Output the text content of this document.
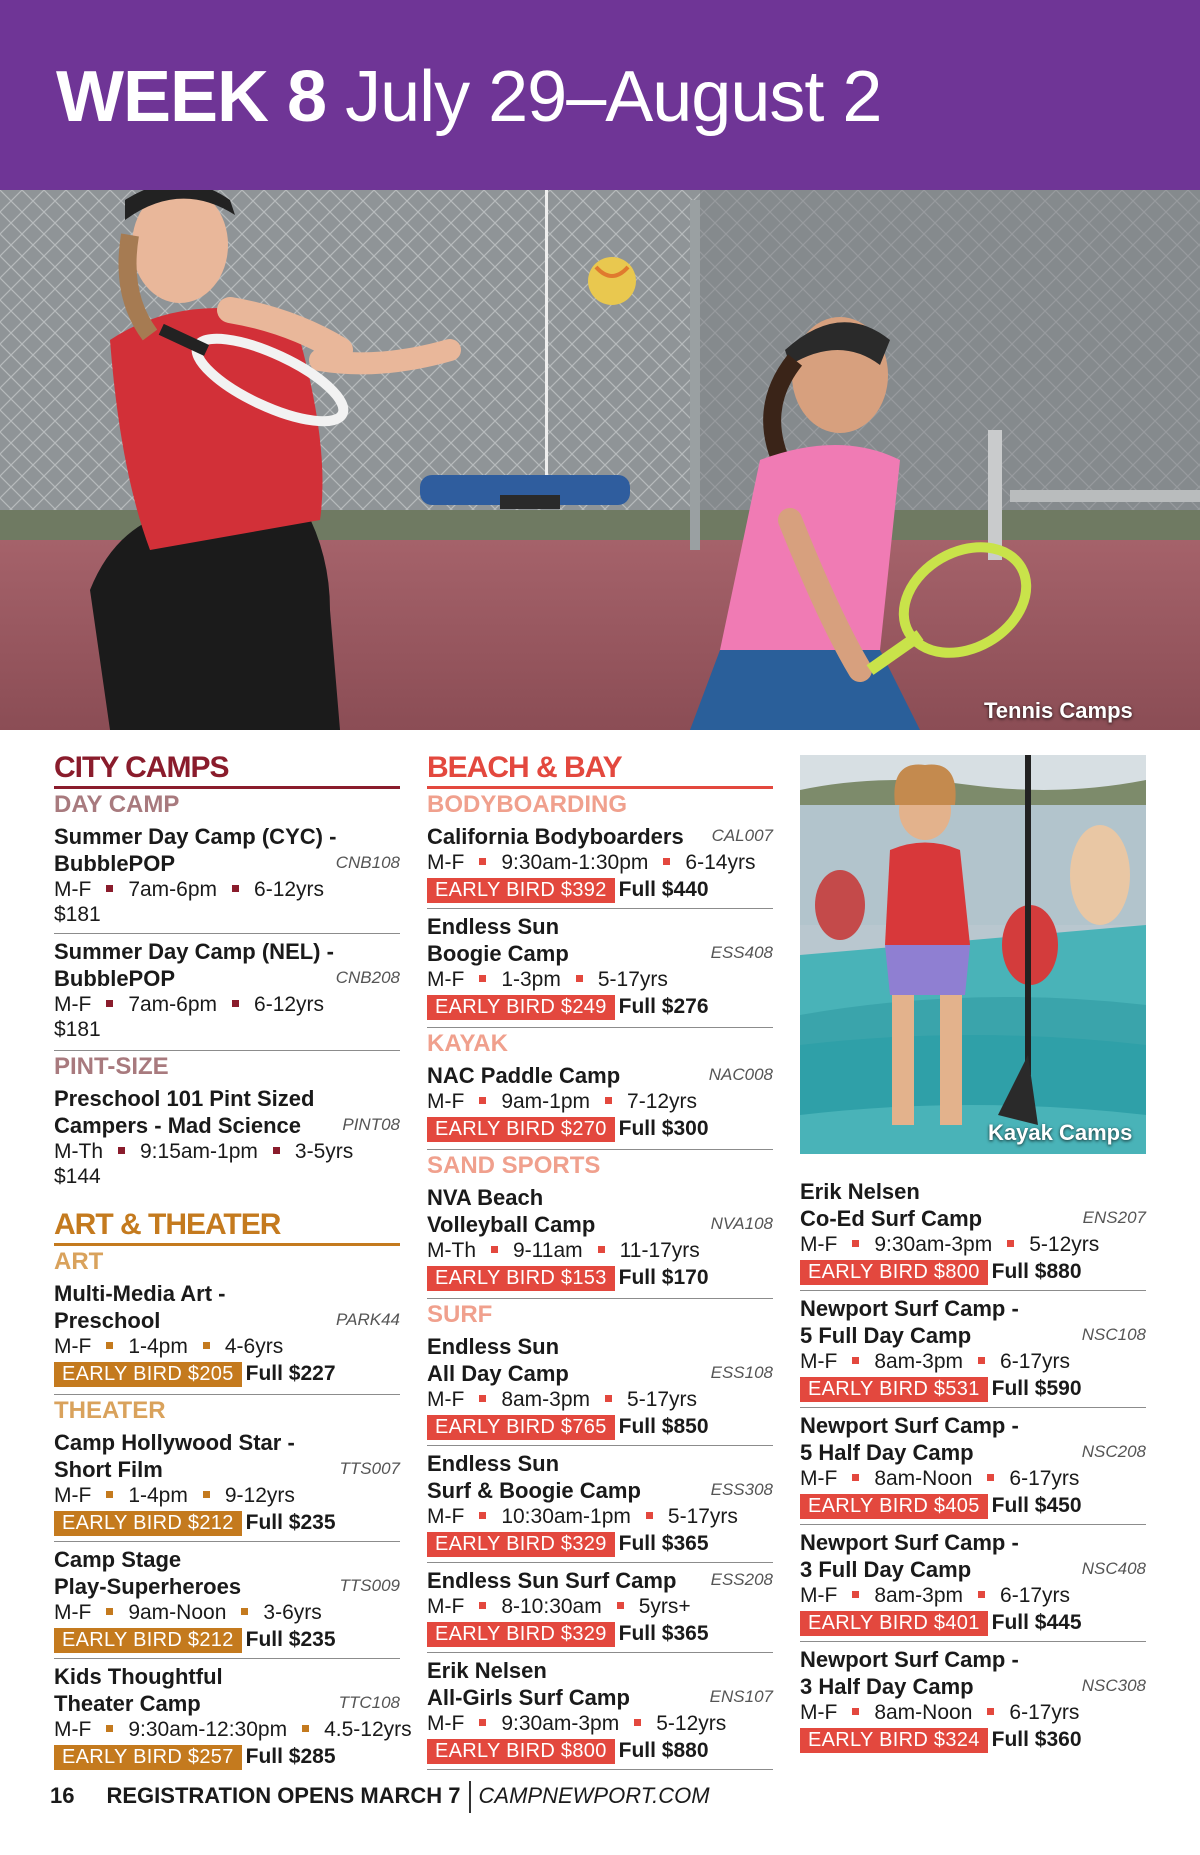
WEEK 8 July 29–August 2
Tennis Camps
CITY CAMPS
DAY CAMP
Summer Day Camp (CYC) -
BubblePOP	CNB108
M-F 7am-6pm 6-12yrs
$181
Summer Day Camp (NEL) -
BubblePOP	CNB208
M-F 7am-6pm 6-12yrs
$181
PINT-SIZE
Preschool 101 Pint Sized
Campers - Mad Science	PINT08
M-Th 9:15am-1pm 3-5yrs
$144
ART & THEATER
ART
Multi-Media Art -
Preschool	PARK44
M-F 1-4pm 4-6yrs
EARLY BIRD $205 Full $227
THEATER
Camp Hollywood Star -
Short Film	TTS007
M-F 1-4pm 9-12yrs
EARLY BIRD $212 Full $235
Camp Stage
Play-Superheroes	TTS009
M-F 9am-Noon 3-6yrs
EARLY BIRD $212 Full $235
Kids Thoughtful
Theater Camp	TTC108
M-F 9:30am-12:30pm 4.5-12yrs
EARLY BIRD $257 Full $285
BEACH & BAY
BODYBOARDING
California Bodyboarders	CAL007
M-F 9:30am-1:30pm 6-14yrs
EARLY BIRD $392 Full $440
Endless Sun
Boogie Camp	ESS408
M-F 1-3pm 5-17yrs
EARLY BIRD $249 Full $276
KAYAK
NAC Paddle Camp	NAC008
M-F 9am-1pm 7-12yrs
EARLY BIRD $270 Full $300
SAND SPORTS
NVA Beach
Volleyball Camp	NVA108
M-Th 9-11am 11-17yrs
EARLY BIRD $153 Full $170
SURF
Endless Sun
All Day Camp	ESS108
M-F 8am-3pm 5-17yrs
EARLY BIRD $765 Full $850
Endless Sun
Surf & Boogie Camp	ESS308
M-F 10:30am-1pm 5-17yrs
EARLY BIRD $329 Full $365
Endless Sun Surf Camp	ESS208
M-F 8-10:30am 5yrs+
EARLY BIRD $329 Full $365
Erik Nelsen
All-Girls Surf Camp	ENS107
M-F 9:30am-3pm 5-12yrs
EARLY BIRD $800 Full $880
Kayak Camps
Erik Nelsen
Co-Ed Surf Camp	ENS207
M-F 9:30am-3pm 5-12yrs
EARLY BIRD $800 Full $880
Newport Surf Camp -
5 Full Day Camp	NSC108
M-F 8am-3pm 6-17yrs
EARLY BIRD $531 Full $590
Newport Surf Camp -
5 Half Day Camp	NSC208
M-F 8am-Noon 6-17yrs
EARLY BIRD $405 Full $450
Newport Surf Camp -
3 Full Day Camp	NSC408
M-F 8am-3pm 6-17yrs
EARLY BIRD $401 Full $445
Newport Surf Camp -
3 Half Day Camp	NSC308
M-F 8am-Noon 6-17yrs
EARLY BIRD $324 Full $360
16 REGISTRATION OPENS MARCH 7 CAMPNEWPORT.COM
